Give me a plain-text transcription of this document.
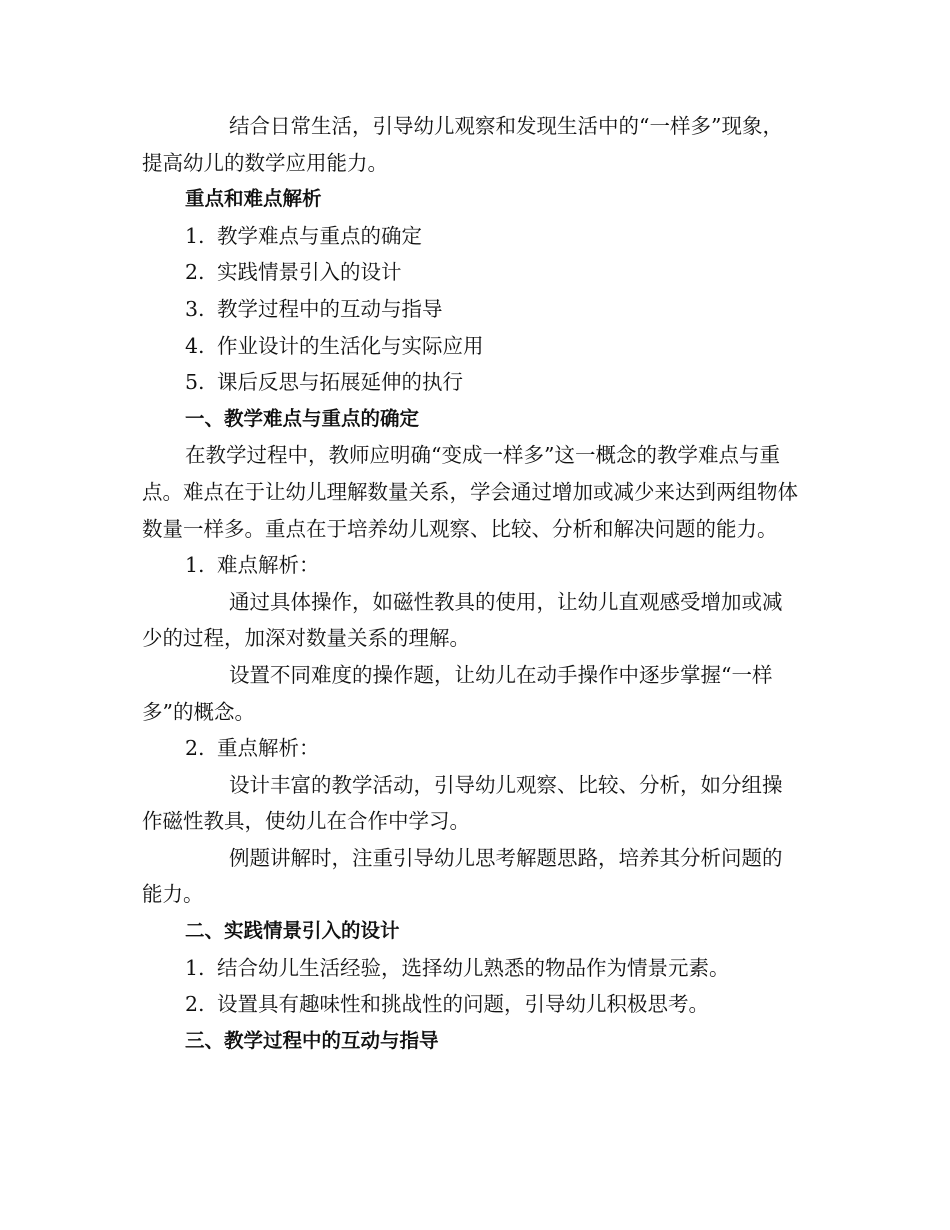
结合日常生活，引导幼儿观察和发现生活中的“一样多”现象，提高幼儿的数学应用能力。

重点和难点解析

1. 教学难点与重点的确定

2. 实践情景引入的设计

3. 教学过程中的互动与指导

4. 作业设计的生活化与实际应用

5. 课后反思与拓展延伸的执行

一、教学难点与重点的确定

在教学过程中，教师应明确“变成一样多”这一概念的教学难点与重点。难点在于让幼儿理解数量关系，学会通过增加或减少来达到两组物体数量一样多。重点在于培养幼儿观察、比较、分析和解决问题的能力。

1. 难点解析：

通过具体操作，如磁性教具的使用，让幼儿直观感受增加或减少的过程，加深对数量关系的理解。

设置不同难度的操作题，让幼儿在动手操作中逐步掌握“一样多”的概念。

2. 重点解析：

设计丰富的教学活动，引导幼儿观察、比较、分析，如分组操作磁性教具，使幼儿在合作中学习。

例题讲解时，注重引导幼儿思考解题思路，培养其分析问题的能力。

二、实践情景引入的设计

1. 结合幼儿生活经验，选择幼儿熟悉的物品作为情景元素。

2. 设置具有趣味性和挑战性的问题，引导幼儿积极思考。

三、教学过程中的互动与指导
